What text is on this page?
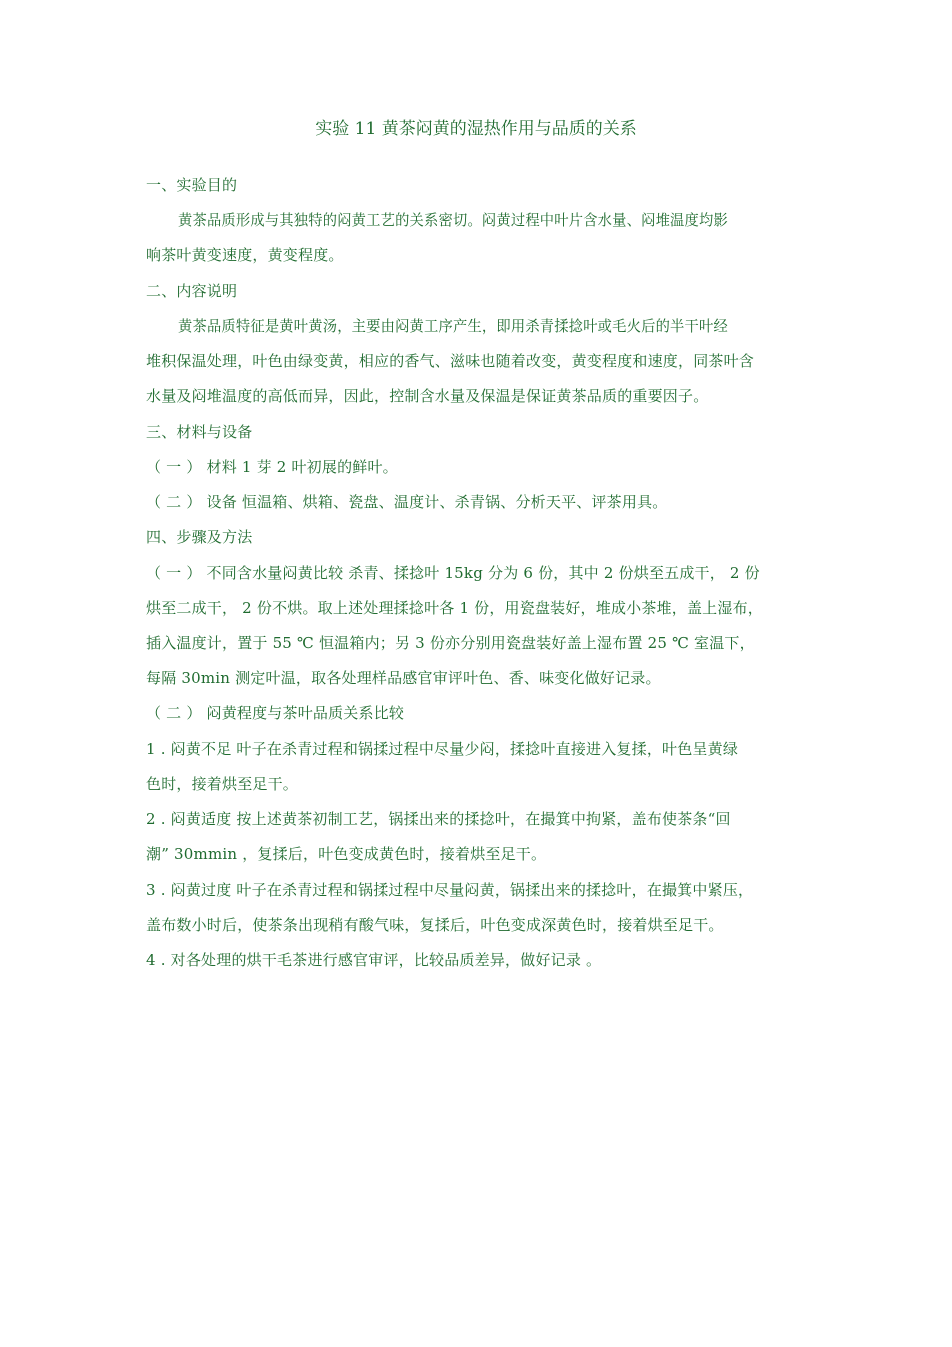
实验 11 黄茶闷黄的湿热作用与品质的关系
一、实验目的
黄茶品质形成与其独特的闷黄工艺的关系密切。闷黄过程中叶片含水量、闷堆温度均影
响茶叶黄变速度，黄变程度。
二、内容说明
黄茶品质特征是黄叶黄汤，主要由闷黄工序产生，即用杀青揉捻叶或毛火后的半干叶经
堆积保温处理，叶色由绿变黄，相应的香气、滋味也随着改变，黄变程度和速度，同茶叶含
水量及闷堆温度的高低而异，因此，控制含水量及保温是保证黄茶品质的重要因子。
三、材料与设备
（ 一 ） 材料 1 芽 2 叶初展的鲜叶。
（ 二 ） 设备 恒温箱、烘箱、瓷盘、温度计、杀青锅、分析天平、评茶用具。
四、步骤及方法
（ 一 ） 不同含水量闷黄比较 杀青、揉捻叶 15kg 分为 6 份，其中 2 份烘至五成干， 2 份
烘至二成干， 2 份不烘。取上述处理揉捻叶各 1 份，用瓷盘装好，堆成小茶堆，盖上湿布，
插入温度计，置于 55 ℃ 恒温箱内；另 3 份亦分别用瓷盘装好盖上湿布置 25 ℃ 室温下，
每隔 30min 测定叶温，取各处理样品感官审评叶色、香、味变化做好记录。
（ 二 ） 闷黄程度与茶叶品质关系比较
1 . 闷黄不足 叶子在杀青过程和锅揉过程中尽量少闷，揉捻叶直接进入复揉，叶色呈黄绿
色时，接着烘至足干。
2 . 闷黄适度 按上述黄茶初制工艺，锅揉出来的揉捻叶，在撮箕中拘紧，盖布使茶条“回
潮” 30mmin ，复揉后，叶色变成黄色时，接着烘至足干。
3 . 闷黄过度 叶子在杀青过程和锅揉过程中尽量闷黄，锅揉出来的揉捻叶，在撮箕中紧压，
盖布数小时后，使茶条出现稍有酸气味，复揉后，叶色变成深黄色时，接着烘至足干。
4 . 对各处理的烘干毛茶进行感官审评，比较品质差异，做好记录 。
